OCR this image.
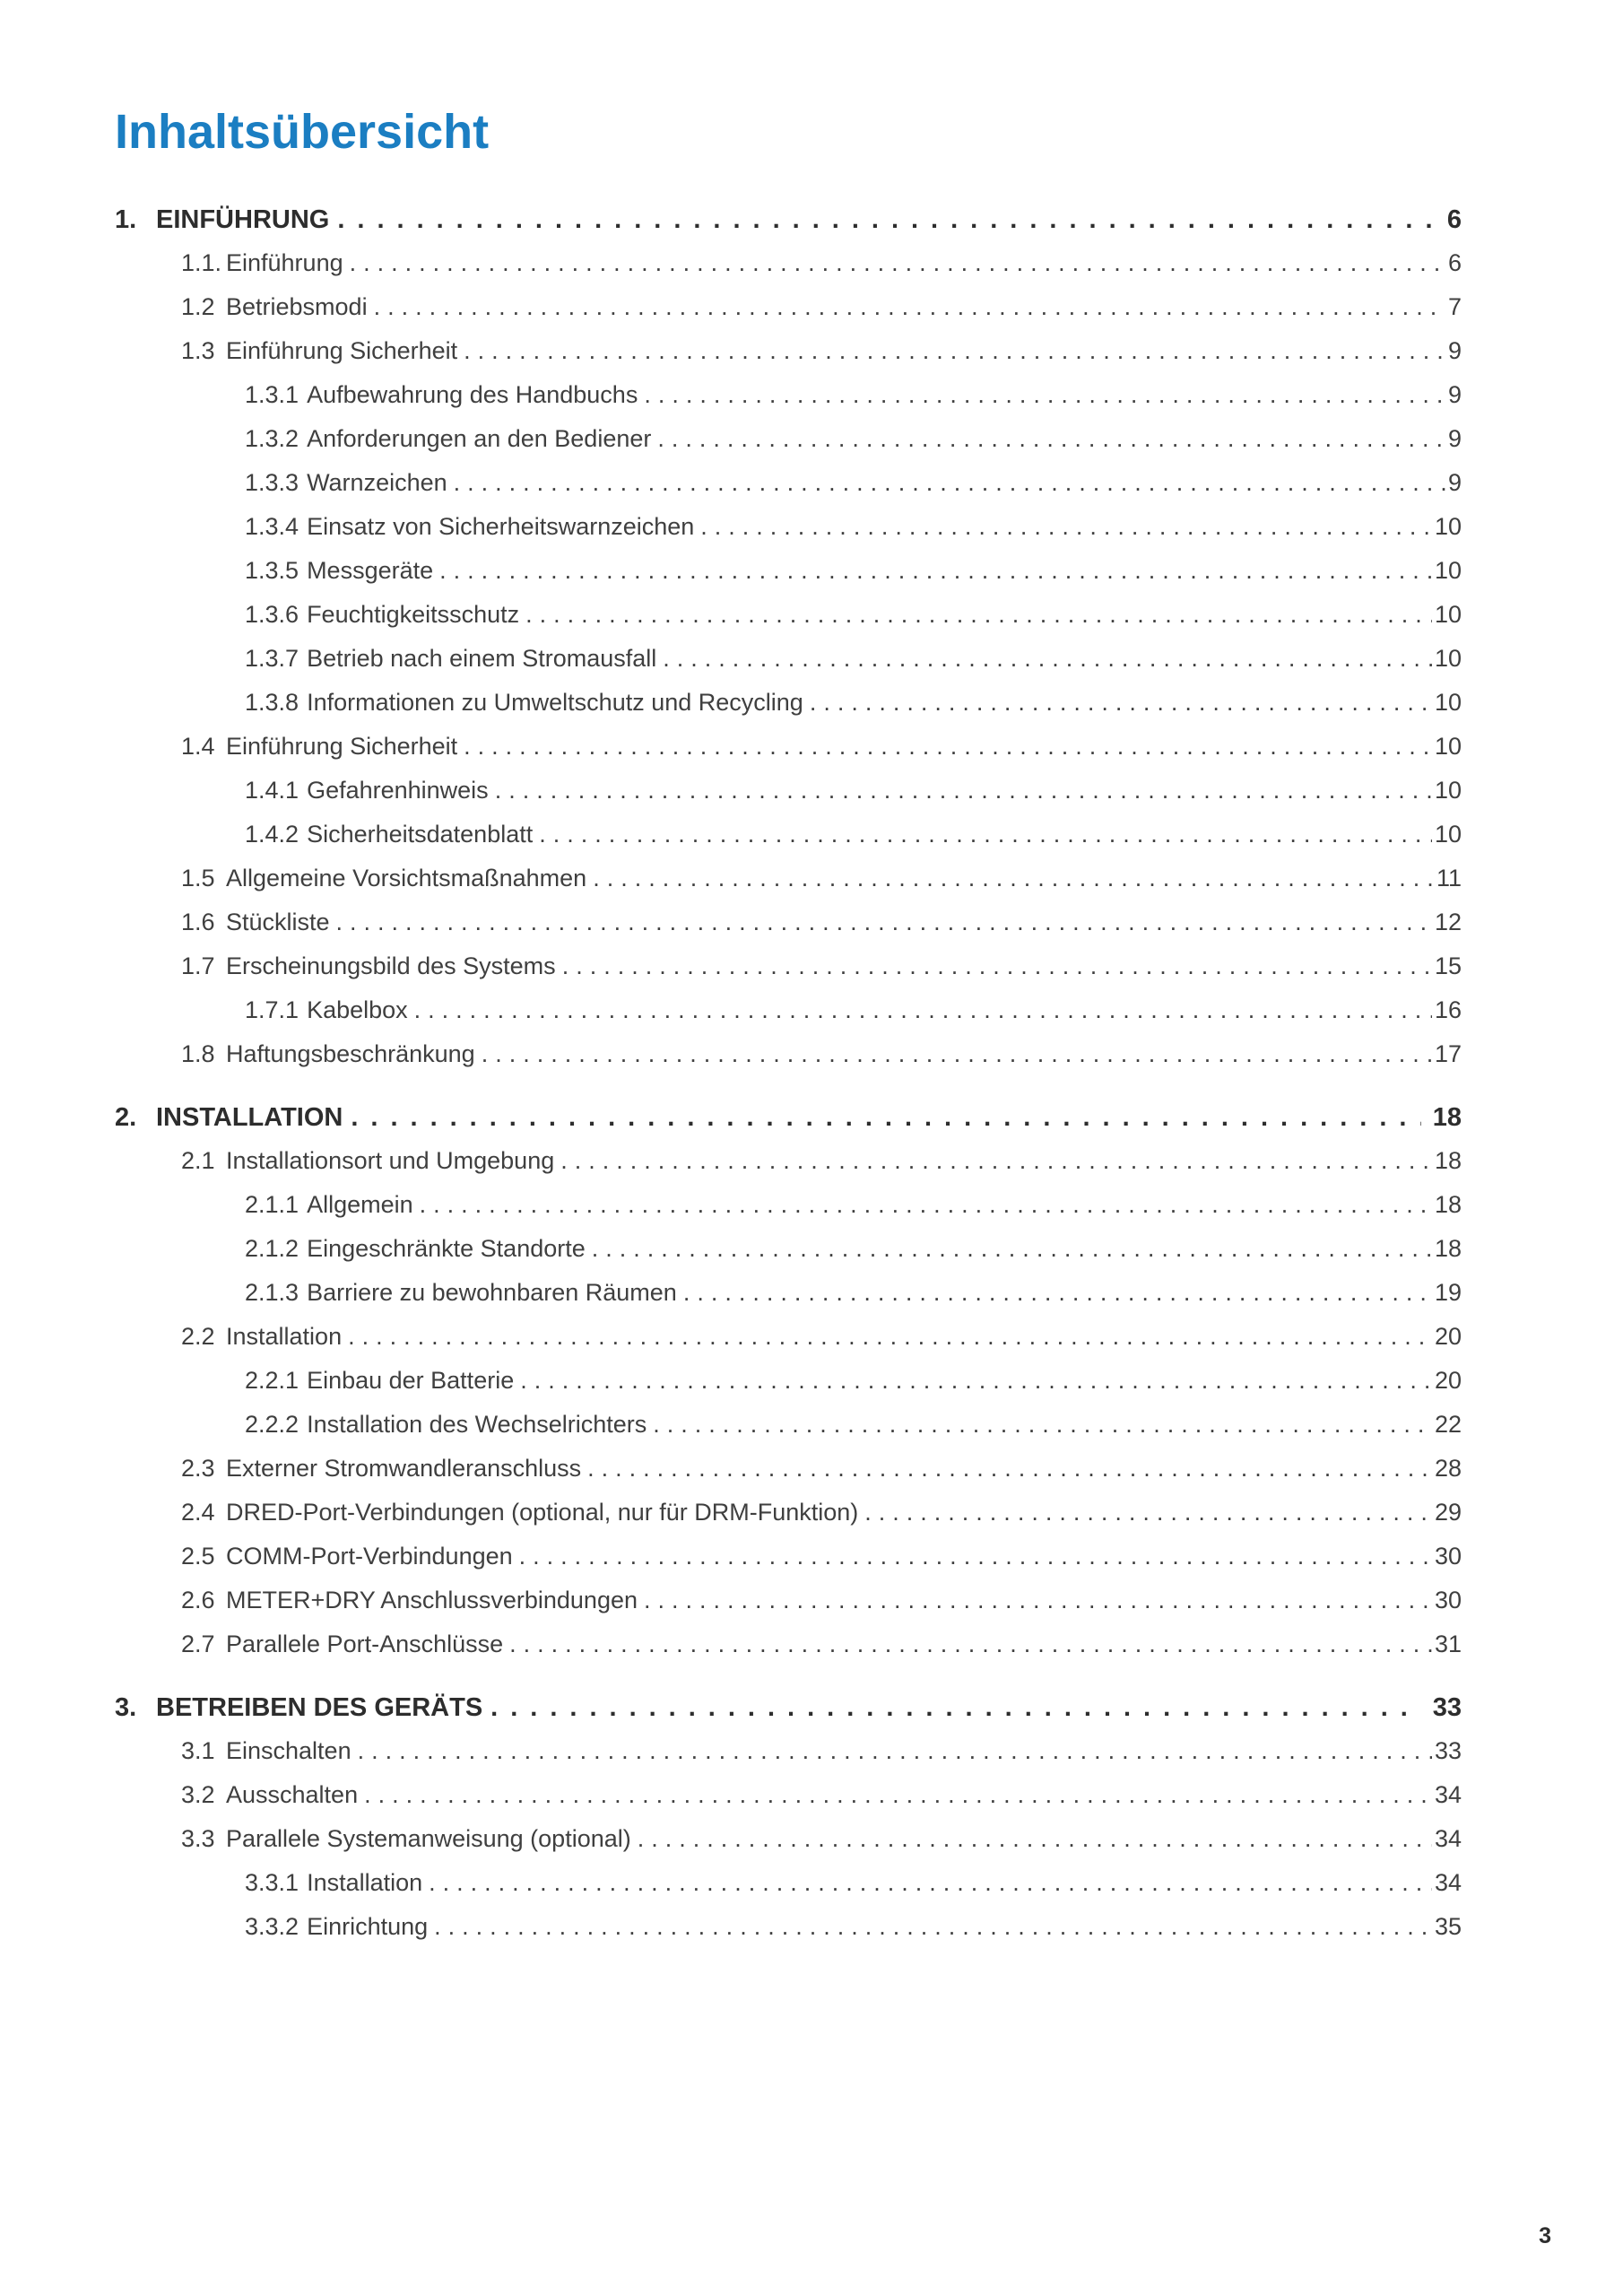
Inhaltsübersicht
1. EINFÜHRUNG .....	6
1.1. Einführung .....	6
1.2 Betriebsmodi .....	7
1.3 Einführung Sicherheit .....	9
1.3.1 Aufbewahrung des Handbuchs .....	9
1.3.2 Anforderungen an den Bediener .....	9
1.3.3 Warnzeichen .....	9
1.3.4 Einsatz von Sicherheitswarnzeichen .....	10
1.3.5 Messgeräte .....	10
1.3.6 Feuchtigkeitsschutz .....	10
1.3.7 Betrieb nach einem Stromausfall .....	10
1.3.8 Informationen zu Umweltschutz und Recycling .....	10
1.4 Einführung Sicherheit .....	10
1.4.1 Gefahrenhinweis .....	10
1.4.2 Sicherheitsdatenblatt .....	10
1.5 Allgemeine Vorsichtsmaßnahmen .....	11
1.6 Stückliste .....	12
1.7 Erscheinungsbild des Systems .....	15
1.7.1 Kabelbox .....	16
1.8 Haftungsbeschränkung .....	17
2. INSTALLATION .....	18
2.1 Installationsort und Umgebung .....	18
2.1.1 Allgemein .....	18
2.1.2 Eingeschränkte Standorte .....	18
2.1.3 Barriere zu bewohnbaren Räumen .....	19
2.2 Installation .....	20
2.2.1 Einbau der Batterie .....	20
2.2.2 Installation des Wechselrichters .....	22
2.3 Externer Stromwandleranschluss .....	28
2.4 DRED-Port-Verbindungen (optional, nur für DRM-Funktion) .....	29
2.5 COMM-Port-Verbindungen .....	30
2.6 METER+DRY Anschlussverbindungen .....	30
2.7 Parallele Port-Anschlüsse .....	31
3. BETREIBEN DES GERÄTS .....	33
3.1 Einschalten .....	33
3.2 Ausschalten .....	34
3.3 Parallele Systemanweisung (optional) .....	34
3.3.1 Installation .....	34
3.3.2 Einrichtung .....	35
3
